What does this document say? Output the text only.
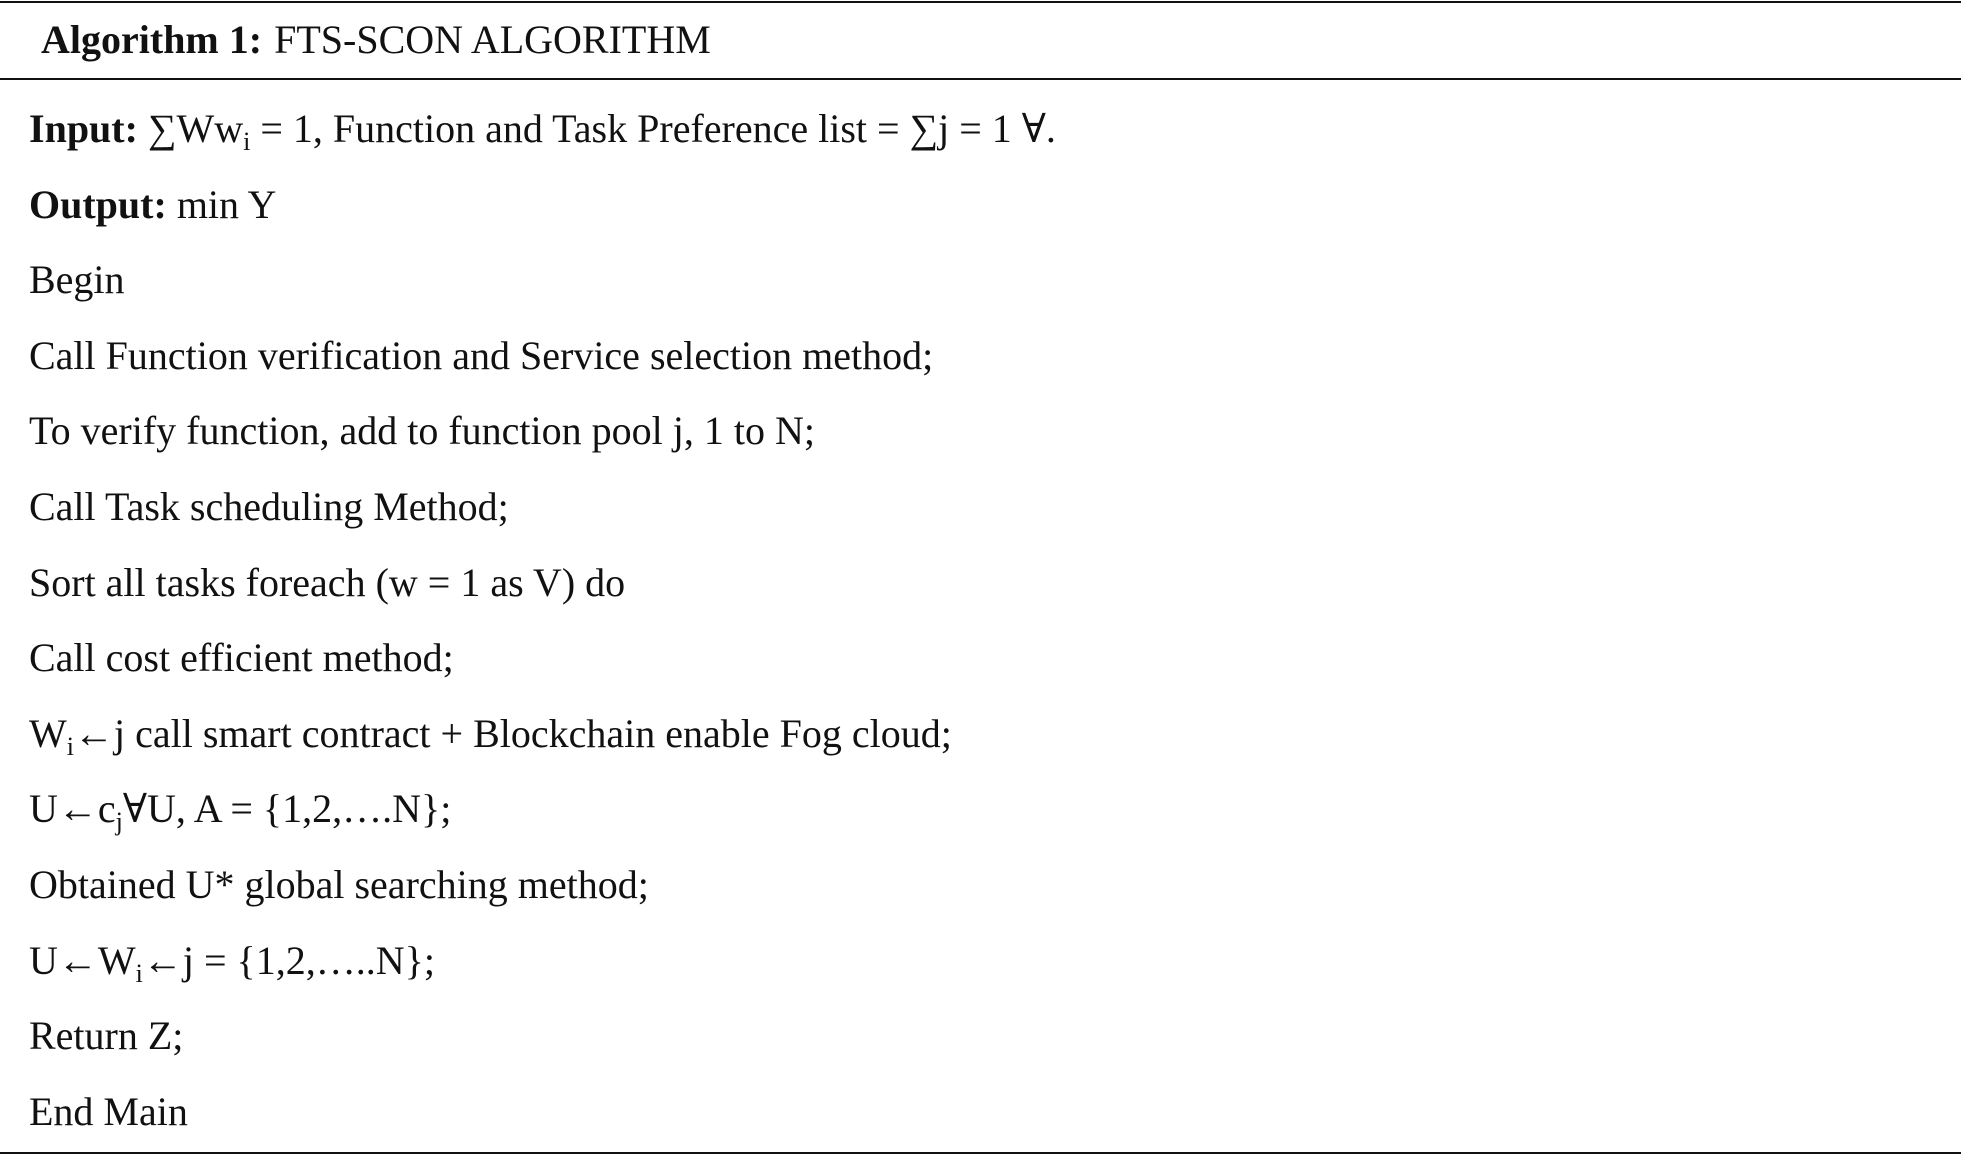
Algorithm 1: FTS-SCON ALGORITHM
Input: $\sum Ww_i = 1$, Function and Task Preference list = ∑j = 1 ∀.
Output: min Y
Begin
Call Function verification and Service selection method;
To verify function, add to function pool j, 1 to N;
Call Task scheduling Method;
Sort all tasks foreach (w = 1 as V) do
Call cost efficient method;
$W_i\leftarrow j$ call smart contract + Blockchain enable Fog cloud;
$U\leftarrow c_j\forall U$, A = {1,2,….N};
Obtained U* global searching method;
$U\leftarrow W_i\leftarrow j$ = {1,2,…..N};
Return Z;
End Main
